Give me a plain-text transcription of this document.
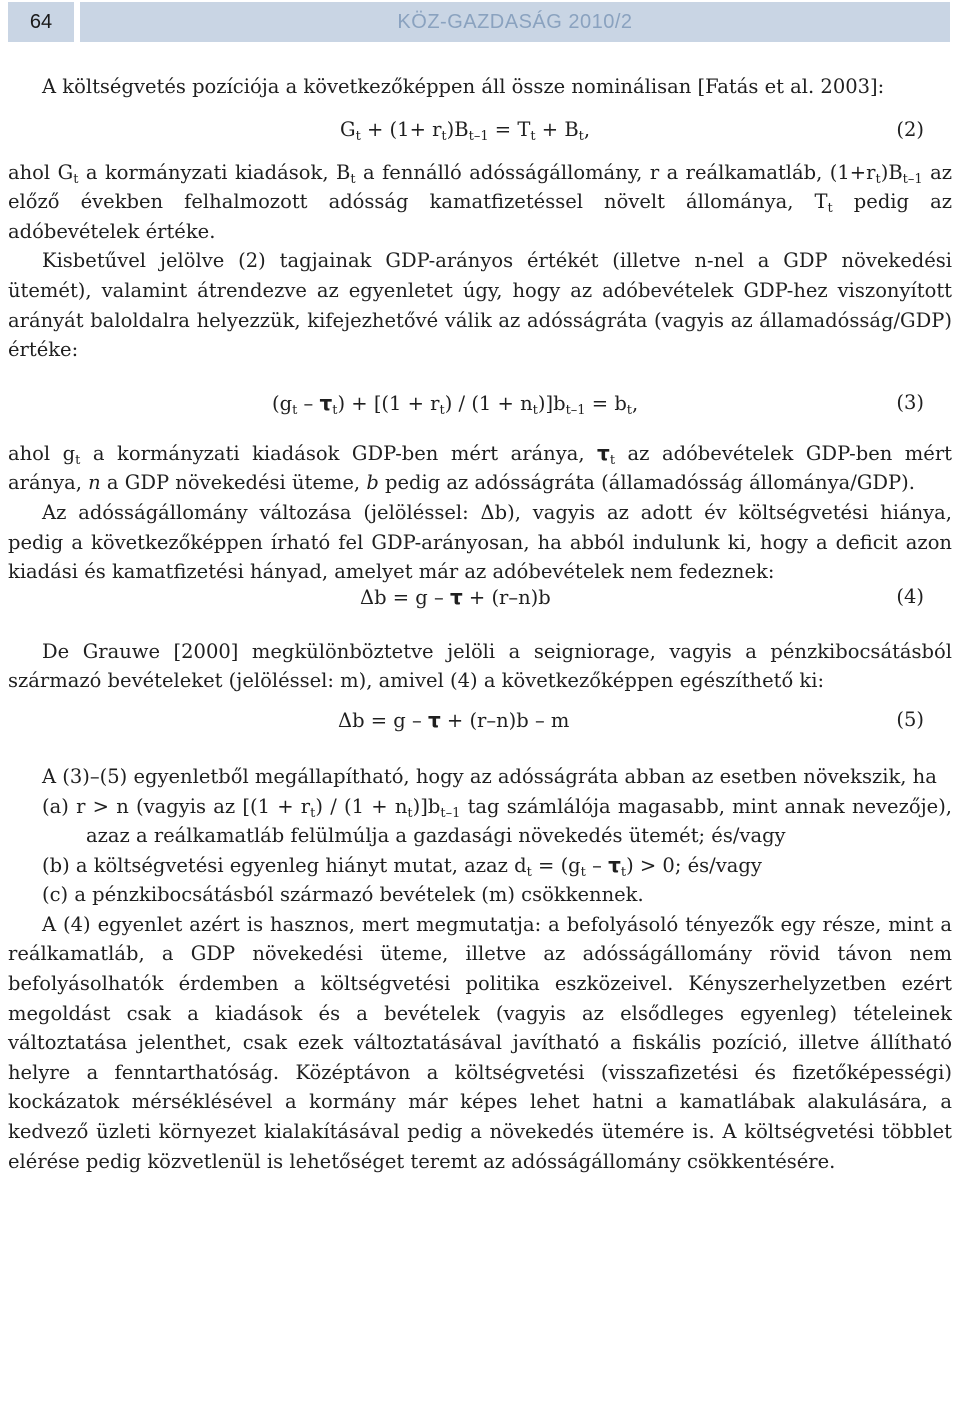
64	KÖZ-GAZDASÁG 2010/2

A költségvetés pozíciója a következőképpen áll össze nominálisan [Fatás et al. 2003]:

$G_t + (1+ r_t)B_{t-1} = T_t + B_t$,	(2)

ahol $G_t$ a kormányzati kiadások, $B_t$ a fennálló adósságállomány, r a reálkamatláb, $(1+r_t)B_{t-1}$ az előző években felhalmozott adósság kamatfizetéssel növelt állománya, $T_t$ pedig az adóbevételek értéke.

Kisbetűvel jelölve (2) tagjainak GDP-arányos értékét (illetve n-nel a GDP növekedési ütemét), valamint átrendezve az egyenletet úgy, hogy az adóbevételek GDP-hez viszonyított arányát baloldalra helyezzük, kifejezhetővé válik az adósságráta (vagyis az államadósság/GDP) értéke:

$(g_t - \tau_t) + [(1 + r_t) / (1 + n_t)]b_{t-1} = b_t$,	(3)

ahol $g_t$ a kormányzati kiadások GDP-ben mért aránya, $\tau_t$ az adóbevételek GDP-ben mért aránya, n a GDP növekedési üteme, b pedig az adósságráta (államadósság állománya/GDP).

Az adósságállomány változása (jelöléssel: Δb), vagyis az adott év költségvetési hiánya, pedig a következőképpen írható fel GDP-arányosan, ha abból indulunk ki, hogy a deficit azon kiadási és kamatfizetési hányad, amelyet már az adóbevételek nem fedeznek:

Δb = g – τ + (r–n)b	(4)

De Grauwe [2000] megkülönböztetve jelöli a seigniorage, vagyis a pénzkibocsátásból származó bevételeket (jelöléssel: m), amivel (4) a következőképpen egészíthető ki:

Δb = g – τ + (r–n)b – m	(5)

A (3)–(5) egyenletből megállapítható, hogy az adósságráta abban az esetben növekszik, ha

(a) r > n (vagyis az $[(1 + r_t) / (1 + n_t)]b_{t-1}$ tag számlálója magasabb, mint annak nevezője), azaz a reálkamatláb felülmúlja a gazdasági növekedés ütemét; és/vagy
(b) a költségvetési egyenleg hiányt mutat, azaz $d_t = (g_t - \tau_t) > 0$; és/vagy
(c) a pénzkibocsátásból származó bevételek (m) csökkennek.

A (4) egyenlet azért is hasznos, mert megmutatja: a befolyásoló tényezők egy része, mint a reálkamatláb, a GDP növekedési üteme, illetve az adósságállomány rövid távon nem befolyásolhatók érdemben a költségvetési politika eszközeivel. Kényszerhelyzetben ezért megoldást csak a kiadások és a bevételek (vagyis az elsődleges egyenleg) tételeinek változtatása jelenthet, csak ezek változtatásával javítható a fiskális pozíció, illetve állítható helyre a fenntarthatóság. Középtávon a költségvetési (visszafizetési és fizetőképességi) kockázatok mérséklésével a kormány már képes lehet hatni a kamatlábak alakulására, a kedvező üzleti környezet kialakításával pedig a növekedés ütemére is. A költségvetési többlet elérése pedig közvetlenül is lehetőséget teremt az adósságállomány csökkentésére.
